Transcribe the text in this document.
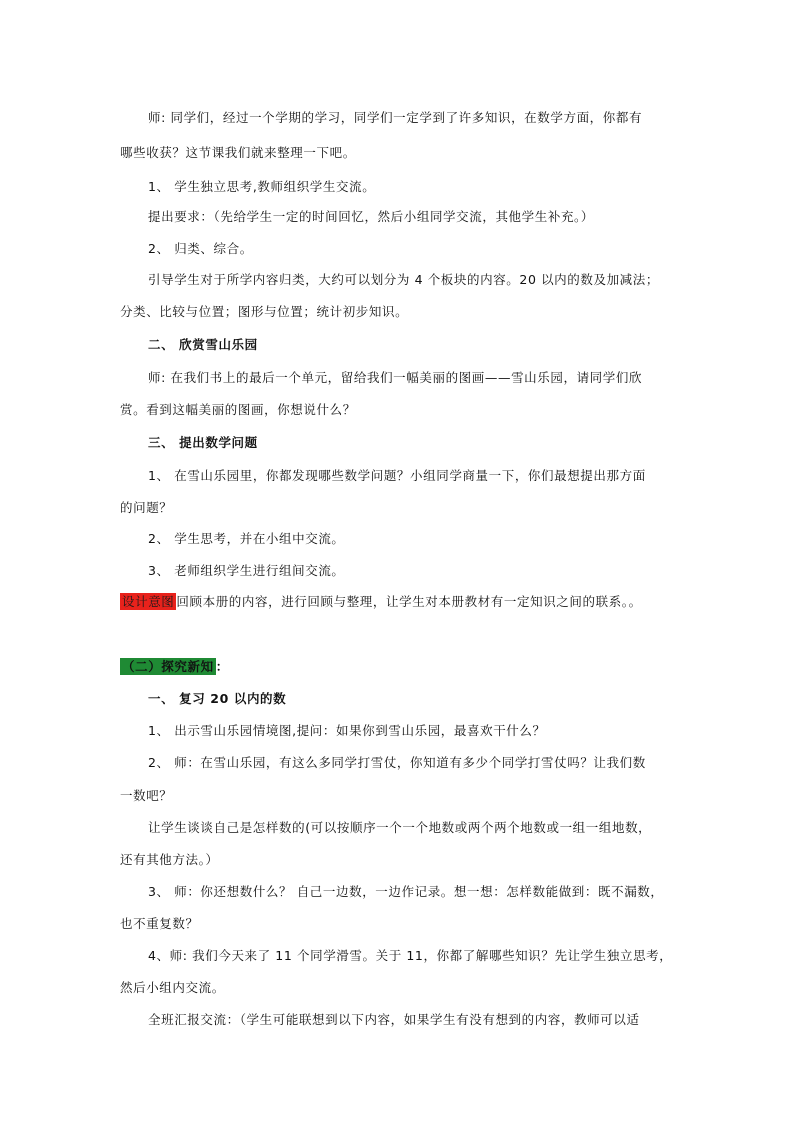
师: 同学们，经过一个学期的学习，同学们一定学到了许多知识，在数学方面，你都有
哪些收获？这节课我们就来整理一下吧。
1、 学生独立思考,教师组织学生交流。
提出要求：（先给学生一定的时间回忆，然后小组同学交流，其他学生补充。）
2、 归类、综合。
引导学生对于所学内容归类，大约可以划分为 4 个板块的内容。20 以内的数及加减法；
分类、比较与位置；图形与位置；统计初步知识。
二、 欣赏雪山乐园
师: 在我们书上的最后一个单元，留给我们一幅美丽的图画——雪山乐园，请同学们欣
赏。看到这幅美丽的图画，你想说什么？
三、 提出数学问题
1、 在雪山乐园里，你都发现哪些数学问题？小组同学商量一下，你们最想提出那方面
的问题？
2、 学生思考，并在小组中交流。
3、 老师组织学生进行组间交流。
设计意图 回顾本册的内容，进行回顾与整理，让学生对本册教材有一定知识之间的联系。。
（二）探究新知 ：
一、 复习 20 以内的数
1、 出示雪山乐园情境图,提问：如果你到雪山乐园，最喜欢干什么？
2、 师：在雪山乐园，有这么多同学打雪仗，你知道有多少个同学打雪仗吗？让我们数
一数吧？
让学生谈谈自己是怎样数的(可以按顺序一个一个地数或两个两个地数或一组一组地数，
还有其他方法。）
3、 师：你还想数什么？ 自己一边数，一边作记录。想一想：怎样数能做到：既不漏数，
也不重复数？
4、师: 我们今天来了 11 个同学滑雪。关于 11，你都了解哪些知识？先让学生独立思考，
然后小组内交流。
全班汇报交流：（学生可能联想到以下内容，如果学生有没有想到的内容，教师可以适
